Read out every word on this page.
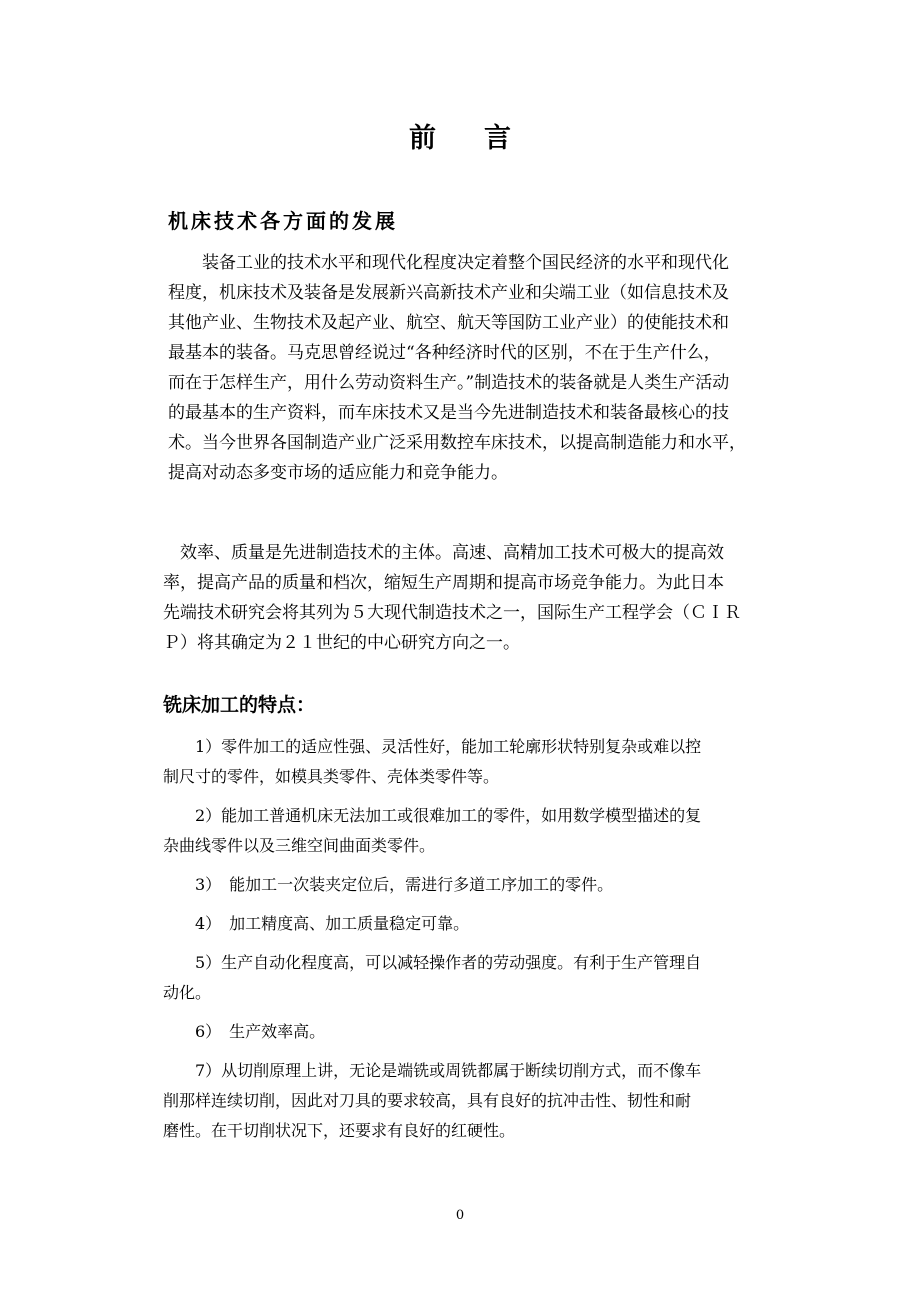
前 言
机床技术各方面的发展

　　装备工业的技术水平和现代化程度决定着整个国民经济的水平和现代化
程度，机床技术及装备是发展新兴高新技术产业和尖端工业（如信息技术及
其他产业、生物技术及起产业、航空、航天等国防工业产业）的使能技术和
最基本的装备。马克思曾经说过“各种经济时代的区别，不在于生产什么，
而在于怎样生产，用什么劳动资料生产。”制造技术的装备就是人类生产活动
的最基本的生产资料，而车床技术又是当今先进制造技术和装备最核心的技
术。当今世界各国制造产业广泛采用数控车床技术，以提高制造能力和水平，
提高对动态多变市场的适应能力和竞争能力。

　效率、质量是先进制造技术的主体。高速、高精加工技术可极大的提高效
率，提高产品的质量和档次，缩短生产周期和提高市场竞争能力。为此日本
先端技术研究会将其列为５大现代制造技术之一，国际生产工程学会（ＣＩＲ
Ｐ）将其确定为２１世纪的中心研究方向之一。

铣床加工的特点：

　　1）零件加工的适应性强、灵活性好，能加工轮廓形状特别复杂或难以控
制尺寸的零件，如模具类零件、壳体类零件等。

　　2）能加工普通机床无法加工或很难加工的零件，如用数学模型描述的复
杂曲线零件以及三维空间曲面类零件。

　　3）　能加工一次装夹定位后，需进行多道工序加工的零件。

　　4）　加工精度高、加工质量稳定可靠。

　　5）生产自动化程度高，可以减轻操作者的劳动强度。有利于生产管理自
动化。

　　6）　生产效率高。

　　7）从切削原理上讲，无论是端铣或周铣都属于断续切削方式，而不像车
削那样连续切削，因此对刀具的要求较高，具有良好的抗冲击性、韧性和耐
磨性。在干切削状况下，还要求有良好的红硬性。

0
